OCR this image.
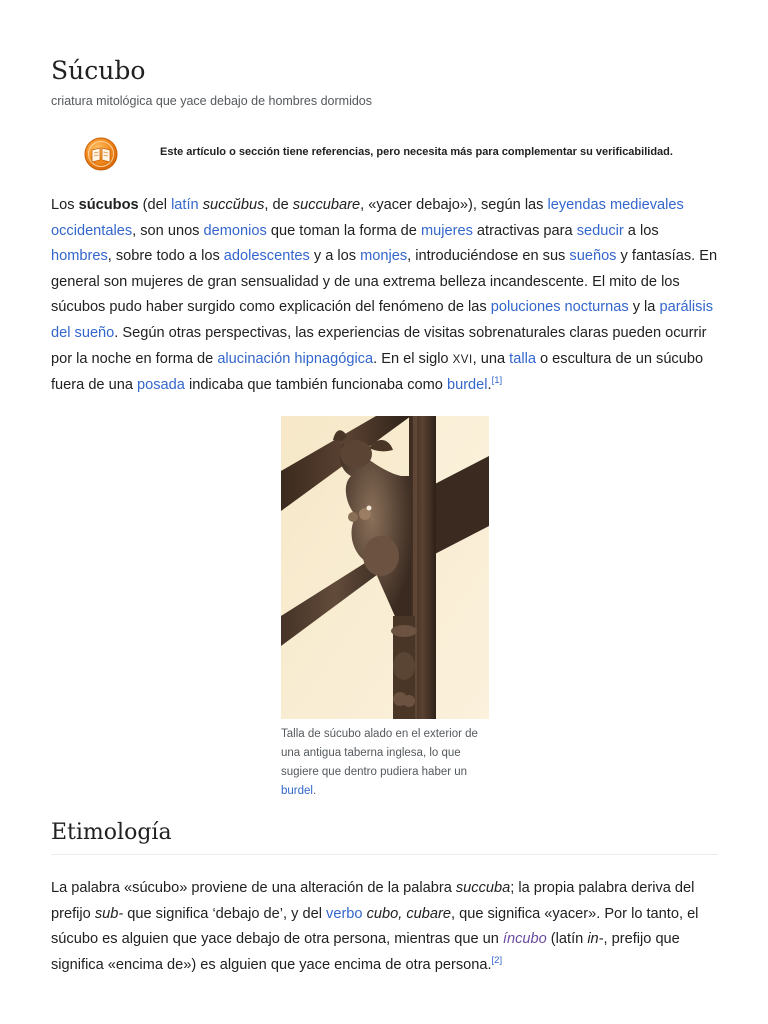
Súcubo
criatura mitológica que yace debajo de hombres dormidos
Este artículo o sección tiene referencias, pero necesita más para complementar su verificabilidad.

Los súcubos (del latín succŭbus, de succubare, «yacer debajo»), según las leyendas medievales occidentales, son unos demonios que toman la forma de mujeres atractivas para seducir a los hombres, sobre todo a los adolescentes y a los monjes, introduciéndose en sus sueños y fantasías. En general son mujeres de gran sensualidad y de una extrema belleza incandescente. El mito de los súcubos pudo haber surgido como explicación del fenómeno de las poluciones nocturnas y la parálisis del sueño. Según otras perspectivas, las experiencias de visitas sobrenaturales claras pueden ocurrir por la noche en forma de alucinación hipnagógica. En el siglo XVI, una talla o escultura de un súcubo fuera de una posada indicaba que también funcionaba como burdel.[1]

Talla de súcubo alado en el exterior de una antigua taberna inglesa, lo que sugiere que dentro pudiera haber un burdel.
Etimología

La palabra «súcubo» proviene de una alteración de la palabra succuba; la propia palabra deriva del prefijo sub- que significa ‘debajo de’, y del verbo cubo, cubare, que significa «yacer». Por lo tanto, el súcubo es alguien que yace debajo de otra persona, mientras que un íncubo (latín in-, prefijo que significa «encima de») es alguien que yace encima de otra persona.[2]
